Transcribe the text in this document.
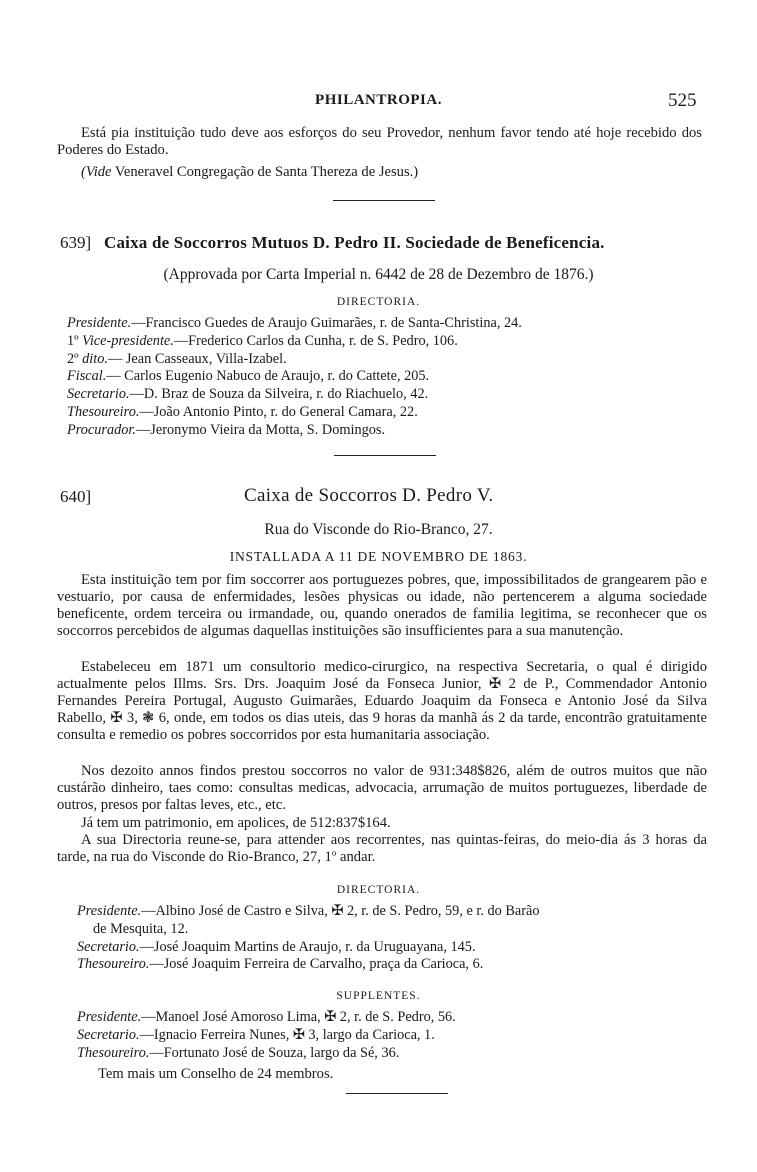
PHILANTROPIA.	525
Está pia instituição tudo deve aos esforços do seu Provedor, nenhum favor tendo até hoje recebido dos Poderes do Estado.
(Vide Veneravel Congregação de Santa Thereza de Jesus.)
639] Caixa de Soccorros Mutuos D. Pedro II. Sociedade de Beneficencia.
(Approvada por Carta Imperial n. 6442 de 28 de Dezembro de 1876.)
DIRECTORIA.
Presidente.—Francisco Guedes de Araujo Guimarães, r. de Santa-Christina, 24.
1º Vice-presidente.—Frederico Carlos da Cunha, r. de S. Pedro, 106.
2º dito.— Jean Casseaux, Villa-Izabel.
Fiscal.— Carlos Eugenio Nabuco de Araujo, r. do Cattete, 205.
Secretario.—D. Braz de Souza da Silveira, r. do Riachuelo, 42.
Thesoureiro.—João Antonio Pinto, r. do General Camara, 22.
Procurador.—Jeronymo Vieira da Motta, S. Domingos.
640]	Caixa de Soccorros D. Pedro V.
Rua do Visconde do Rio-Branco, 27.
INSTALLADA A 11 DE NOVEMBRO DE 1863.
Esta instituição tem por fim soccorrer aos portuguezes pobres, que, impossibilitados de grangearem pão e vestuario, por causa de enfermidades, lesões physicas ou idade, não pertencerem a alguma sociedade beneficente, ordem terceira ou irmandade, ou, quando onerados de familia legitima, se reconhecer que os soccorros percebidos de algumas daquellas instituições são insufficientes para a sua manutenção.
Estabeleceu em 1871 um consultorio medico-cirurgico, na respectiva Secretaria, o qual é dirigido actualmente pelos Illms. Srs. Drs. Joaquim José da Fonseca Junior, ✠ 2 de P., Commendador Antonio Fernandes Pereira Portugal, Augusto Guimarães, Eduardo Joaquim da Fonseca e Antonio José da Silva Rabello, ✠ 3, ❃ 6, onde, em todos os dias uteis, das 9 horas da manhã ás 2 da tarde, encontrão gratuitamente consulta e remedio os pobres soccorridos por esta humanitaria associação.
Nos dezoito annos findos prestou soccorros no valor de 931:348$826, além de outros muitos que não custárão dinheiro, taes como: consultas medicas, advocacia, arrumação de muitos portuguezes, liberdade de outros, presos por faltas leves, etc., etc.
Já tem um patrimonio, em apolices, de 512:837$164.
A sua Directoria reune-se, para attender aos recorrentes, nas quintas-feiras, do meio-dia ás 3 horas da tarde, na rua do Visconde do Rio-Branco, 27, 1º andar.
DIRECTORIA.
Presidente.—Albino José de Castro e Silva, ✠ 2, r. de S. Pedro, 59, e r. do Barão
de Mesquita, 12.
Secretario.—José Joaquim Martins de Araujo, r. da Uruguayana, 145.
Thesoureiro.—José Joaquim Ferreira de Carvalho, praça da Carioca, 6.
SUPPLENTES.
Presidente.—Manoel José Amoroso Lima, ✠ 2, r. de S. Pedro, 56.
Secretario.—Ignacio Ferreira Nunes, ✠ 3, largo da Carioca, 1.
Thesoureiro.—Fortunato José de Souza, largo da Sé, 36.
Tem mais um Conselho de 24 membros.
